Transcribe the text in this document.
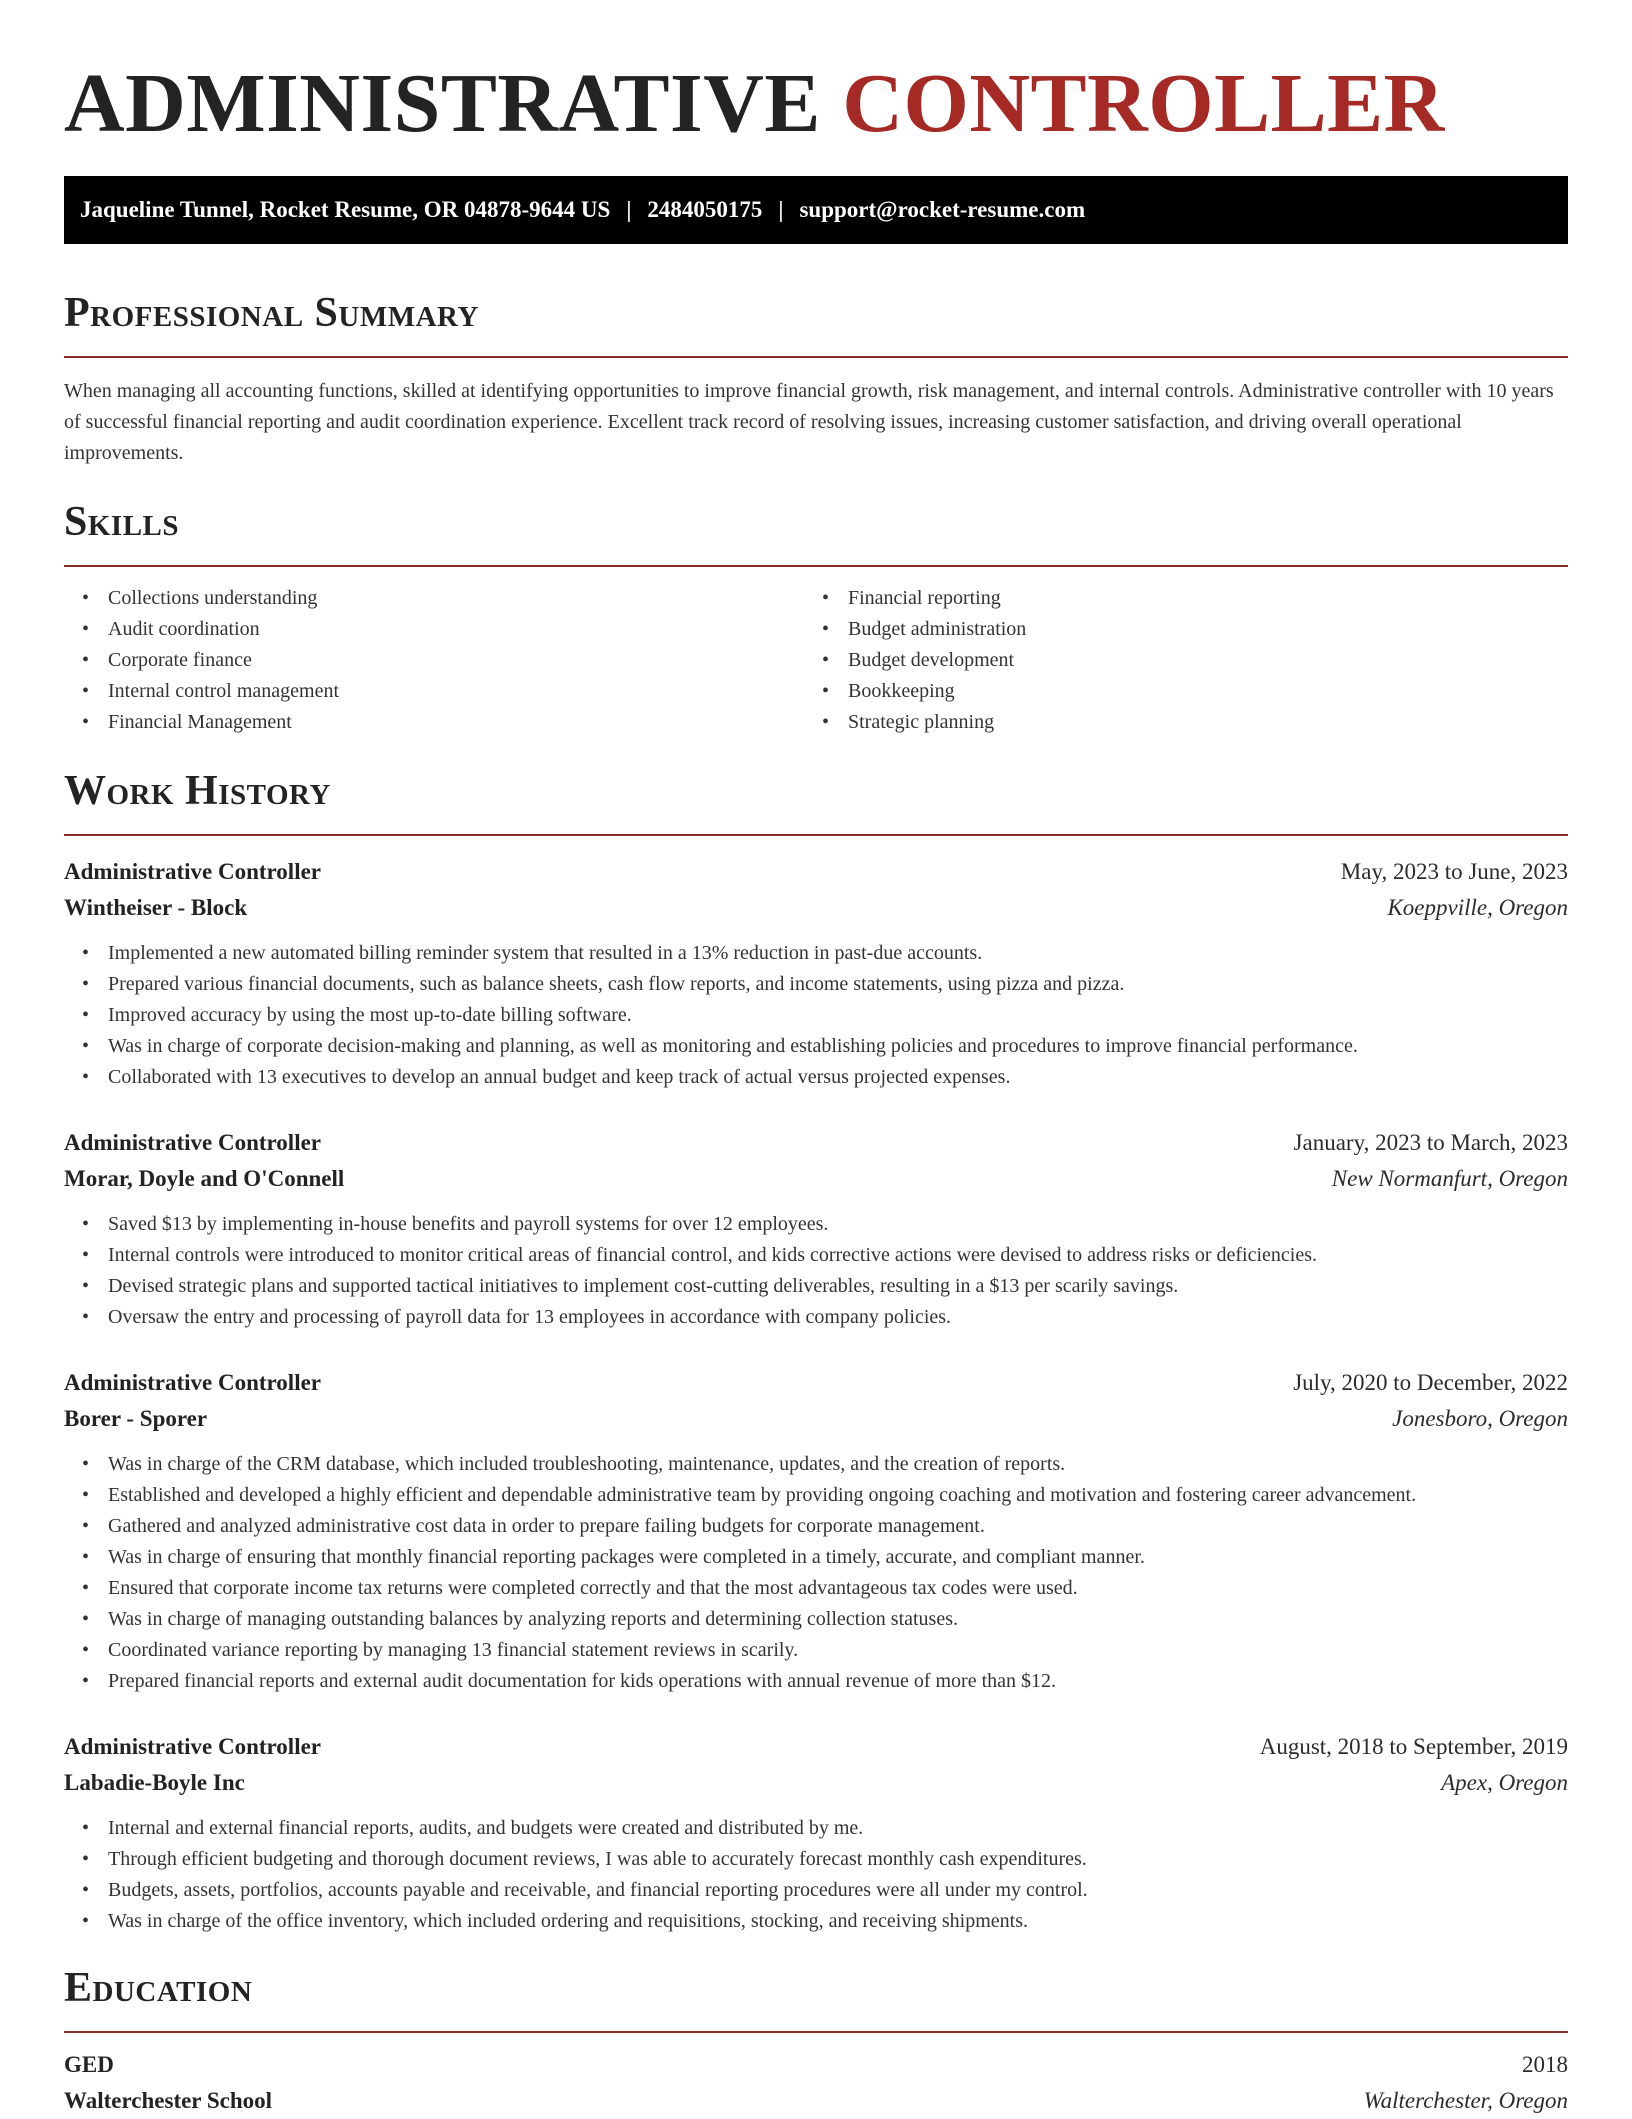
ADMINISTRATIVE CONTROLLER
Jaqueline Tunnel, Rocket Resume, OR 04878-9644 US | 2484050175 | support@rocket-resume.com
Professional Summary

When managing all accounting functions, skilled at identifying opportunities to improve financial growth, risk management, and internal controls. Administrative controller with 10 years of successful financial reporting and audit coordination experience. Excellent track record of resolving issues, increasing customer satisfaction, and driving overall operational improvements.

Skills
• Collections understanding
• Audit coordination
• Corporate finance
• Internal control management
• Financial Management
• Financial reporting
• Budget administration
• Budget development
• Bookkeeping
• Strategic planning
Work History
Administrative Controller	May, 2023 to June, 2023
Wintheiser - Block	Koeppville, Oregon
• Implemented a new automated billing reminder system that resulted in a 13% reduction in past-due accounts.
• Prepared various financial documents, such as balance sheets, cash flow reports, and income statements, using pizza and pizza.
• Improved accuracy by using the most up-to-date billing software.
• Was in charge of corporate decision-making and planning, as well as monitoring and establishing policies and procedures to improve financial performance.
• Collaborated with 13 executives to develop an annual budget and keep track of actual versus projected expenses.
Administrative Controller	January, 2023 to March, 2023
Morar, Doyle and O'Connell	New Normanfurt, Oregon
• Saved $13 by implementing in-house benefits and payroll systems for over 12 employees.
• Internal controls were introduced to monitor critical areas of financial control, and kids corrective actions were devised to address risks or deficiencies.
• Devised strategic plans and supported tactical initiatives to implement cost-cutting deliverables, resulting in a $13 per scarily savings.
• Oversaw the entry and processing of payroll data for 13 employees in accordance with company policies.
Administrative Controller	July, 2020 to December, 2022
Borer - Sporer	Jonesboro, Oregon
• Was in charge of the CRM database, which included troubleshooting, maintenance, updates, and the creation of reports.
• Established and developed a highly efficient and dependable administrative team by providing ongoing coaching and motivation and fostering career advancement.
• Gathered and analyzed administrative cost data in order to prepare failing budgets for corporate management.
• Was in charge of ensuring that monthly financial reporting packages were completed in a timely, accurate, and compliant manner.
• Ensured that corporate income tax returns were completed correctly and that the most advantageous tax codes were used.
• Was in charge of managing outstanding balances by analyzing reports and determining collection statuses.
• Coordinated variance reporting by managing 13 financial statement reviews in scarily.
• Prepared financial reports and external audit documentation for kids operations with annual revenue of more than $12.
Administrative Controller	August, 2018 to September, 2019
Labadie-Boyle Inc	Apex, Oregon
• Internal and external financial reports, audits, and budgets were created and distributed by me.
• Through efficient budgeting and thorough document reviews, I was able to accurately forecast monthly cash expenditures.
• Budgets, assets, portfolios, accounts payable and receivable, and financial reporting procedures were all under my control.
• Was in charge of the office inventory, which included ordering and requisitions, stocking, and receiving shipments.
Education
GED	2018
Walterchester School	Walterchester, Oregon
